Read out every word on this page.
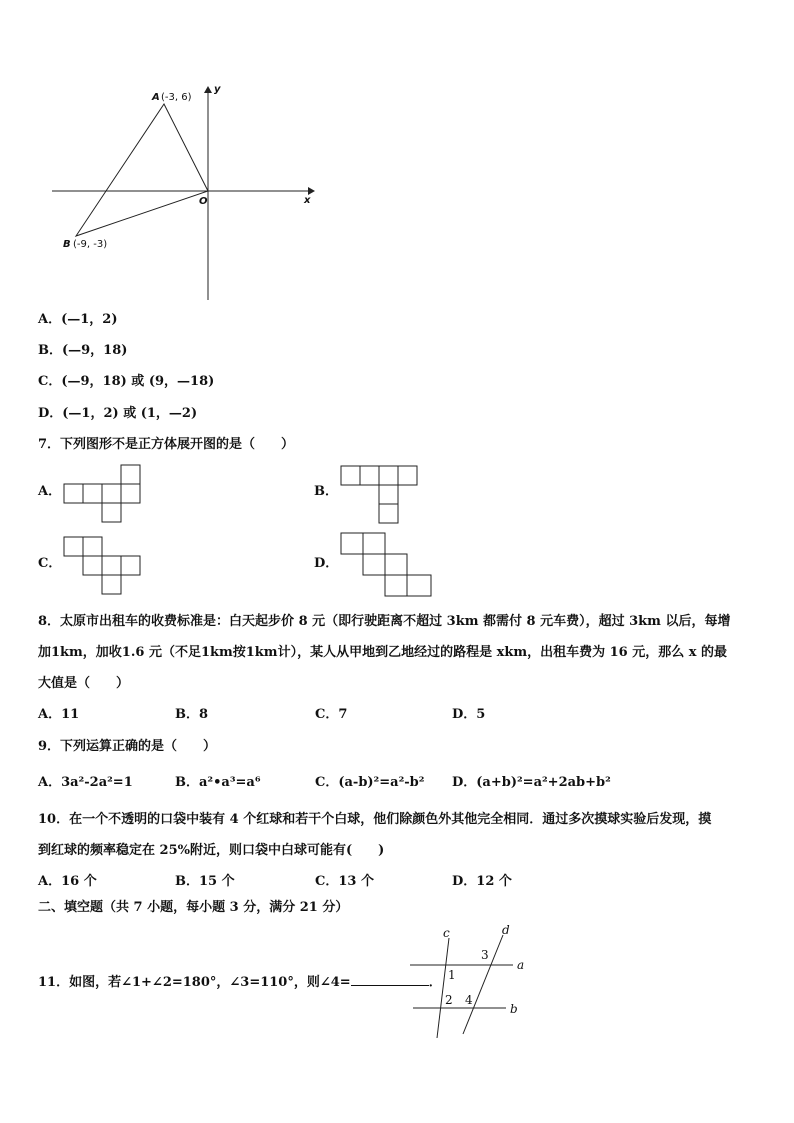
A (-3, 6)
B (-9, -3)
O	x
y
A．(—1，2)
B．(—9，18)
C．(—9，18) 或 (9，—18)
D．(—1，2) 或 (1，—2)
7．下列图形不是正方体展开图的是（　　）
A．	B．
C．	D．
8．太原市出租车的收费标准是：白天起步价 8 元（即行驶距离不超过 3km 都需付 8 元车费），超过 3km 以后，每增
加1km，加收1.6 元（不足1km按1km计），某人从甲地到乙地经过的路程是 xkm，出租车费为 16 元，那么 x 的最
大值是（　　）
A．11	B．8	C．7	D．5
9．下列运算正确的是（　　）
A．3a²-2a²=1	B．a²•a³=a⁶	C．(a-b)²=a²-b² D．(a+b)²=a²+2ab+b²
10．在一个不透明的口袋中装有 4 个红球和若干个白球，他们除颜色外其他完全相同．通过多次摸球实验后发现，摸
到红球的频率稳定在 25%附近，则口袋中白球可能有(　　)
A．16 个	B．15 个	C．13 个	D．12 个
二、填空题（共 7 小题，每小题 3 分，满分 21 分）
11．如图，若∠1+∠2=180°，∠3=110°，则∠4=	．
c	d
a
b
1
2
3
4
